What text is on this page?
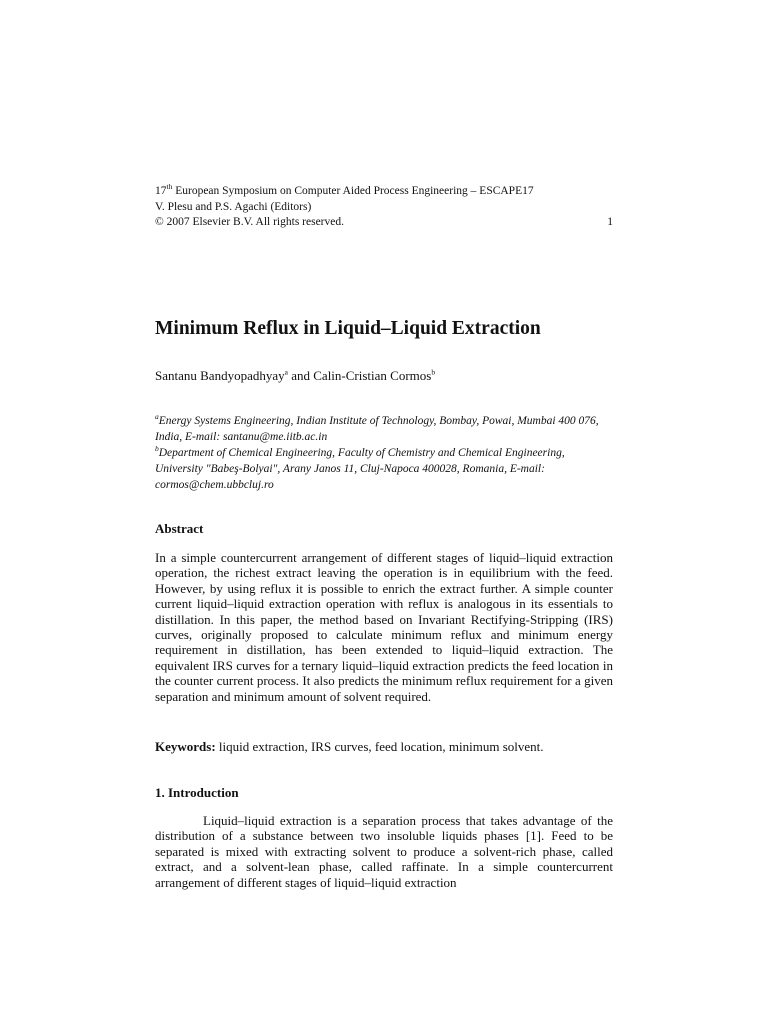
17th European Symposium on Computer Aided Process Engineering – ESCAPE17
V. Plesu and P.S. Agachi (Editors)
© 2007 Elsevier B.V. All rights reserved.	1
Minimum Reflux in Liquid–Liquid Extraction
Santanu Bandyopadhyay$^a$ and Calin-Cristian Cormos$^b$

$^a$Energy Systems Engineering, Indian Institute of Technology, Bombay, Powai, Mumbai 400 076, India, E-mail: santanu@me.iitb.ac.in

$^b$Department of Chemical Engineering, Faculty of Chemistry and Chemical Engineering, University "Babeş-Bolyai", Arany Janos 11, Cluj-Napoca 400028, Romania, E-mail: cormos@chem.ubbcluj.ro

Abstract
In a simple countercurrent arrangement of different stages of liquid–liquid extraction operation, the richest extract leaving the operation is in equilibrium with the feed. However, by using reflux it is possible to enrich the extract further. A simple counter current liquid–liquid extraction operation with reflux is analogous in its essentials to distillation. In this paper, the method based on Invariant Rectifying-Stripping (IRS) curves, originally proposed to calculate minimum reflux and minimum energy requirement in distillation, has been extended to liquid–liquid extraction. The equivalent IRS curves for a ternary liquid–liquid extraction predicts the feed location in the counter current process. It also predicts the minimum reflux requirement for a given separation and minimum amount of solvent required.
Keywords: liquid extraction, IRS curves, feed location, minimum solvent.
1. Introduction
Liquid–liquid extraction is a separation process that takes advantage of the distribution of a substance between two insoluble liquids phases [1]. Feed to be separated is mixed with extracting solvent to produce a solvent-rich phase, called extract, and a solvent-lean phase, called raffinate. In a simple countercurrent arrangement of different stages of liquid–liquid extraction
